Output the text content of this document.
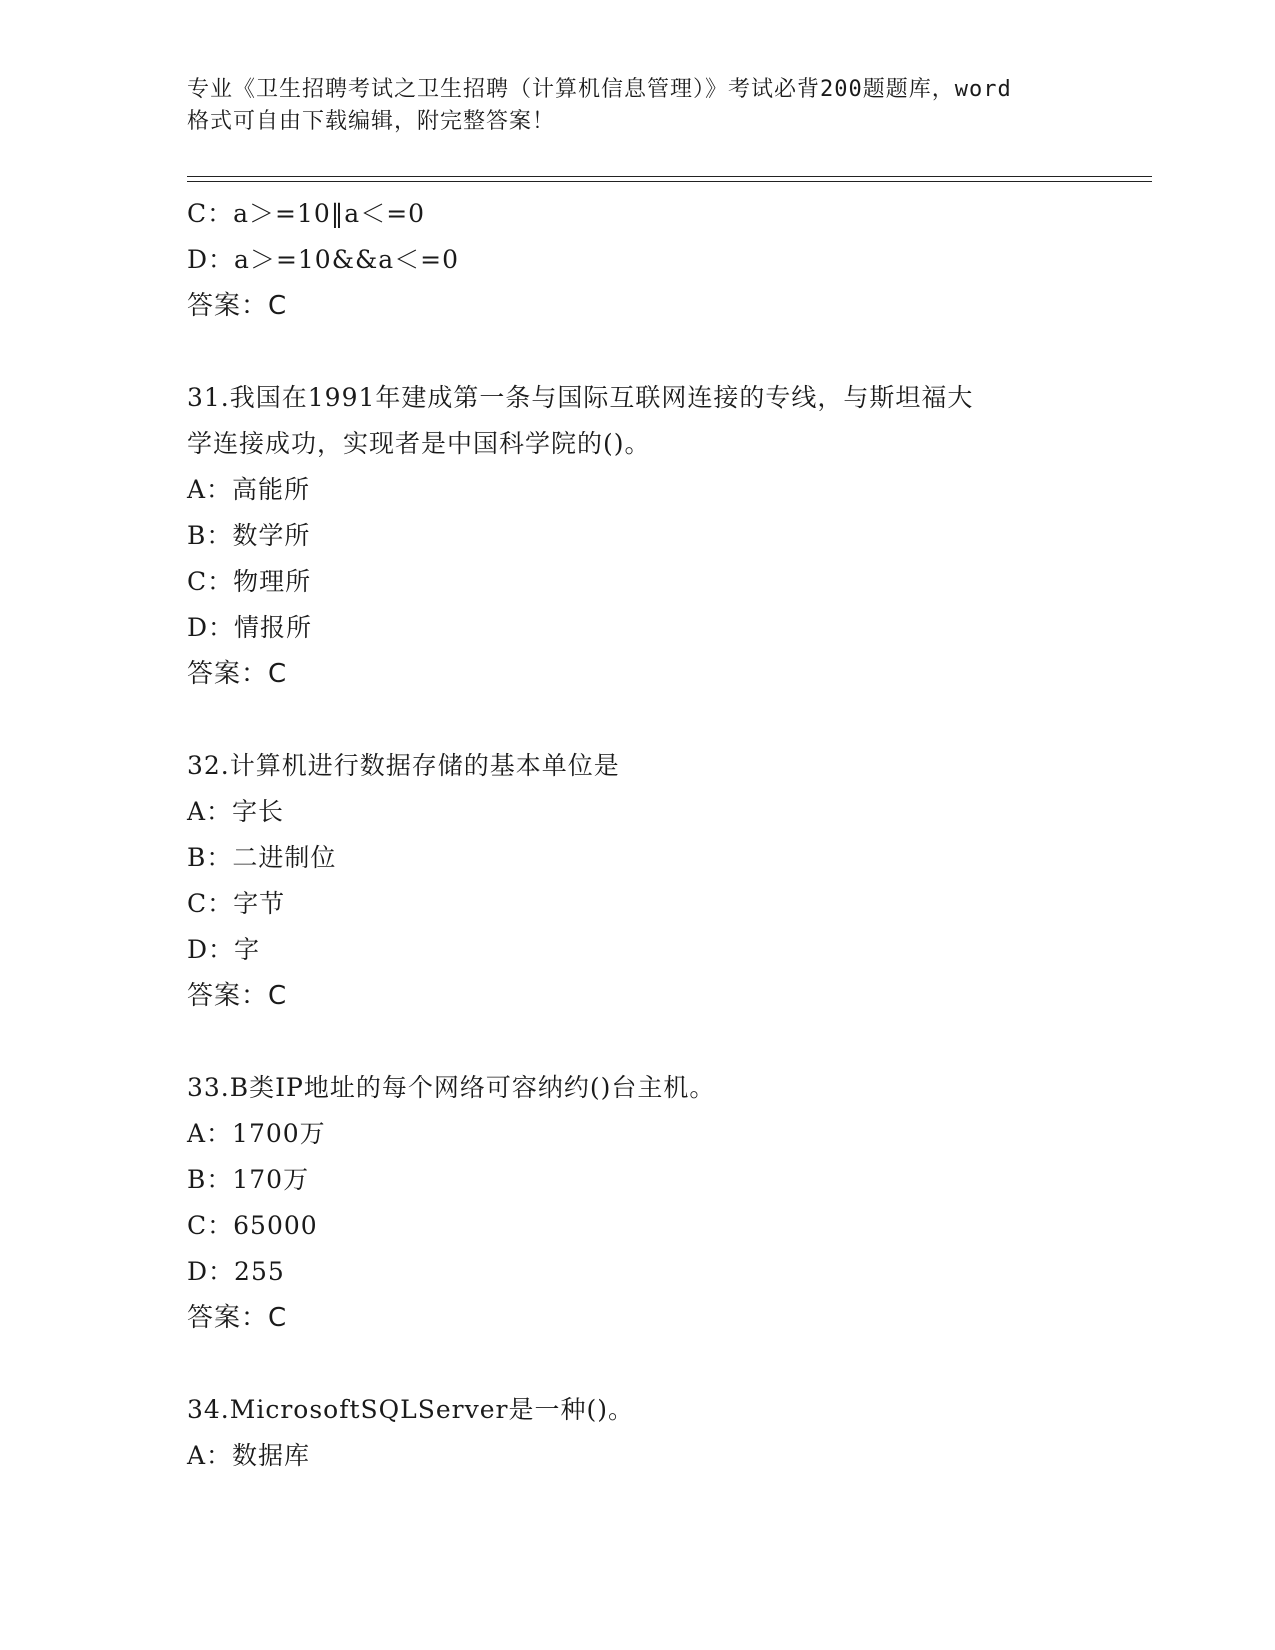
专业《卫生招聘考试之卫生招聘（计算机信息管理）》考试必背200题题库，word
格式可自由下载编辑，附完整答案！
C：a＞=10‖a＜=0
D：a＞=10&&a＜=0
答案：C
31.我国在1991年建成第一条与国际互联网连接的专线，与斯坦福大
学连接成功，实现者是中国科学院的()。
A：高能所
B：数学所
C：物理所
D：情报所
答案：C
32.计算机进行数据存储的基本单位是
A：字长
B：二进制位
C：字节
D：字
答案：C
33.B类IP地址的每个网络可容纳约()台主机。
A：1700万
B：170万
C：65000
D：255
答案：C
34.MicrosoftSQLServer是一种()。
A：数据库
